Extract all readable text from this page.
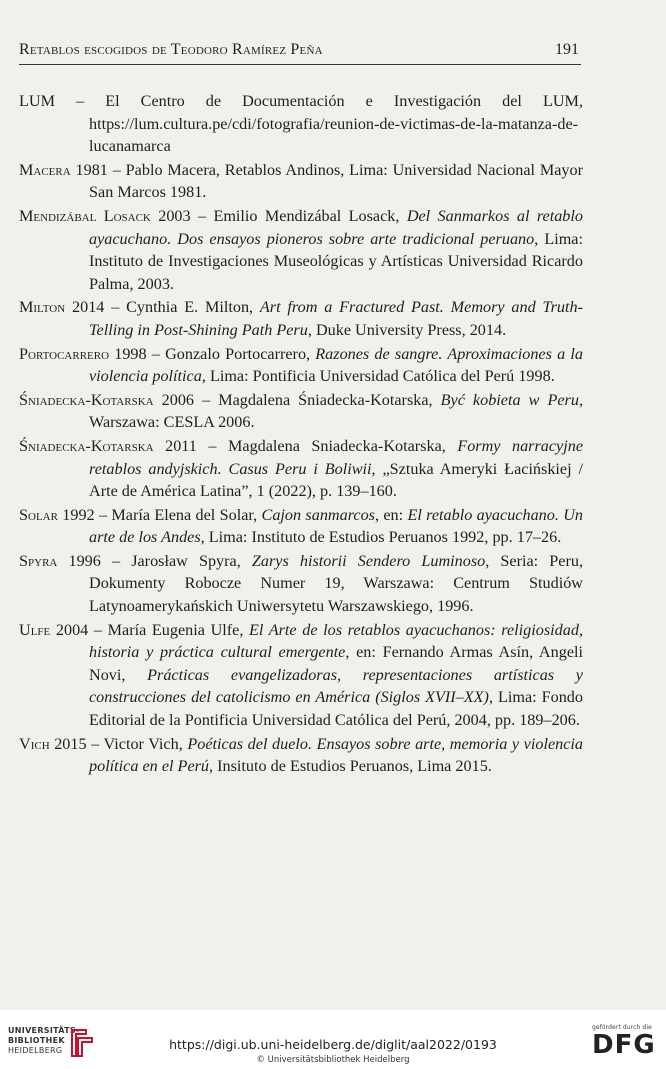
Retablos escogidos de Teodoro Ramírez Peña	191

LUM – El Centro de Documentación e Investigación del LUM, https://lum.cultura.pe/cdi/fotografia/reunion-de-victimas-de-la-matanza-de-lucanamarca

Macera 1981 – Pablo Macera, Retablos Andinos, Lima: Universidad Nacional Mayor San Marcos 1981.

Mendizábal Losack 2003 – Emilio Mendizábal Losack, Del Sanmarkos al retablo ayacuchano. Dos ensayos pioneros sobre arte tradicional peruano, Lima: Instituto de Investigaciones Museológicas y Artísticas Universidad Ricardo Palma, 2003.

Milton 2014 – Cynthia E. Milton, Art from a Fractured Past. Memory and Truth-Telling in Post-Shining Path Peru, Duke University Press, 2014.

Portocarrero 1998 – Gonzalo Portocarrero, Razones de sangre. Aproximaciones a la violencia política, Lima: Pontificia Universidad Católica del Perú 1998.

Śniadecka-Kotarska 2006 – Magdalena Śniadecka-Kotarska, Być kobieta w Peru, Warszawa: CESLA 2006.

Śniadecka-Kotarska 2011 – Magdalena Sniadecka-Kotarska, Formy narracyjne retablos andyjskich. Casus Peru i Boliwii, „Sztuka Ameryki Łacińskiej / Arte de América Latina”, 1 (2022), p. 139–160.

Solar 1992 – María Elena del Solar, Cajon sanmarcos, en: El retablo ayacuchano. Un arte de los Andes, Lima: Instituto de Estudios Peruanos 1992, pp. 17–26.

Spyra 1996 – Jarosław Spyra, Zarys historii Sendero Luminoso, Seria: Peru, Dokumenty Robocze Numer 19, Warszawa: Centrum Studiów Latynoamerykańskich Uniwersytetu Warszawskiego, 1996.

Ulfe 2004 – María Eugenia Ulfe, El Arte de los retablos ayacuchanos: religiosidad, historia y práctica cultural emergente, en: Fernando Armas Asín, Angeli Novi, Prácticas evangelizadoras, representaciones artísticas y construcciones del catolicismo en América (Siglos XVII–XX), Lima: Fondo Editorial de la Pontificia Universidad Católica del Perú, 2004, pp. 189–206.

Vich 2015 – Victor Vich, Poéticas del duelo. Ensayos sobre arte, memoria y violencia política en el Perú, Insituto de Estudios Peruanos, Lima 2015.

UNIVERSITÄTS-
BIBLIOTHEK
HEIDELBERG	https://digi.ub.uni-heidelberg.de/diglit/aal2022/0193
© Universitätsbibliothek Heidelberg
gefördert durch die
DFG
